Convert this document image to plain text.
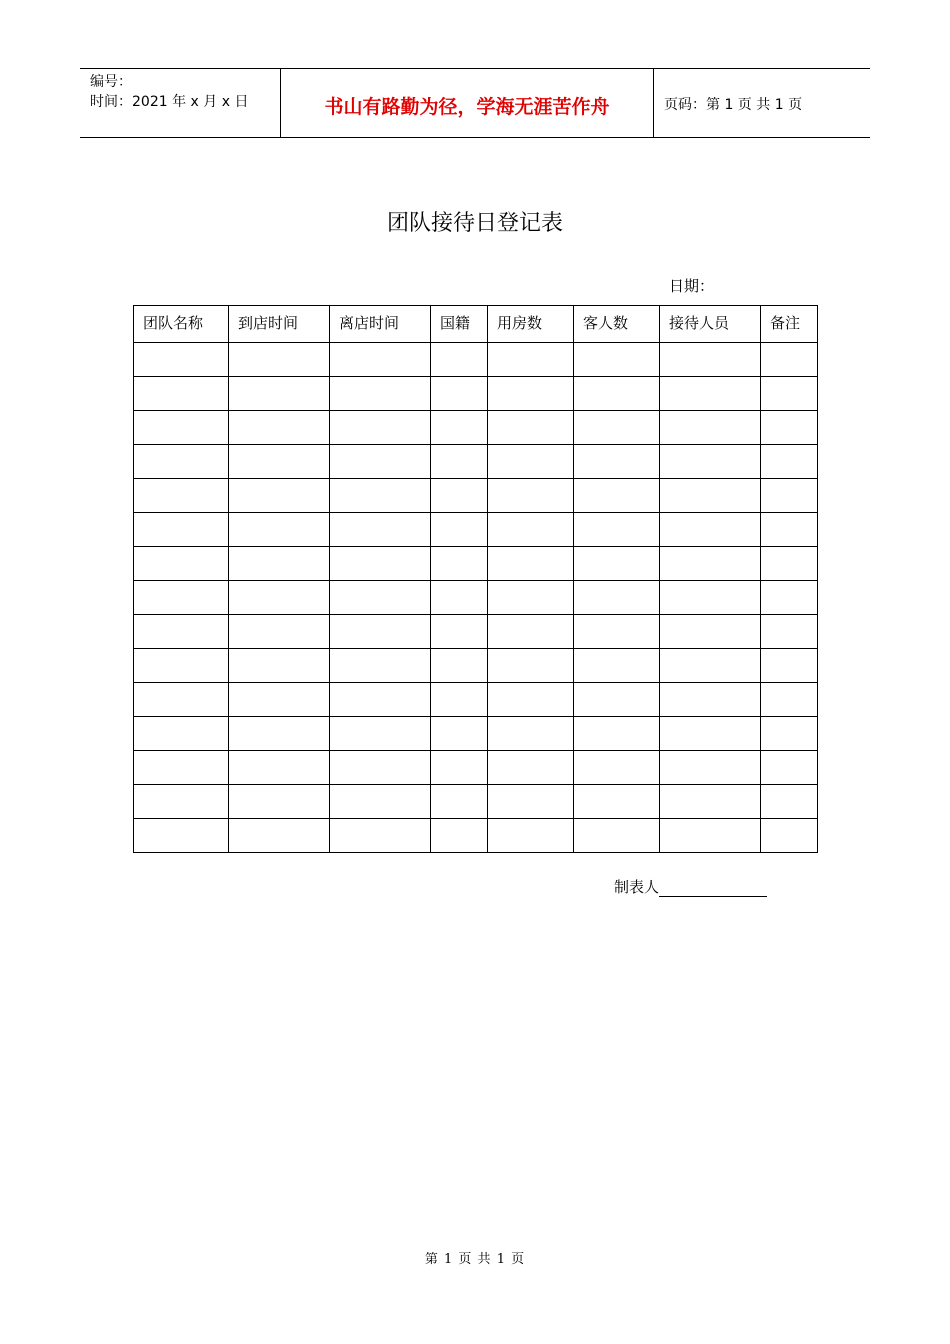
编号：
时间：2021 年 x 月 x 日	书山有路勤为径，学海无涯苦作舟	页码：第 1 页 共 1 页
团队接待日登记表
日期：
团队名称	到店时间	离店时间	国籍	用房数	客人数	接待人员	备注

制表人
第 1 页 共 1 页
